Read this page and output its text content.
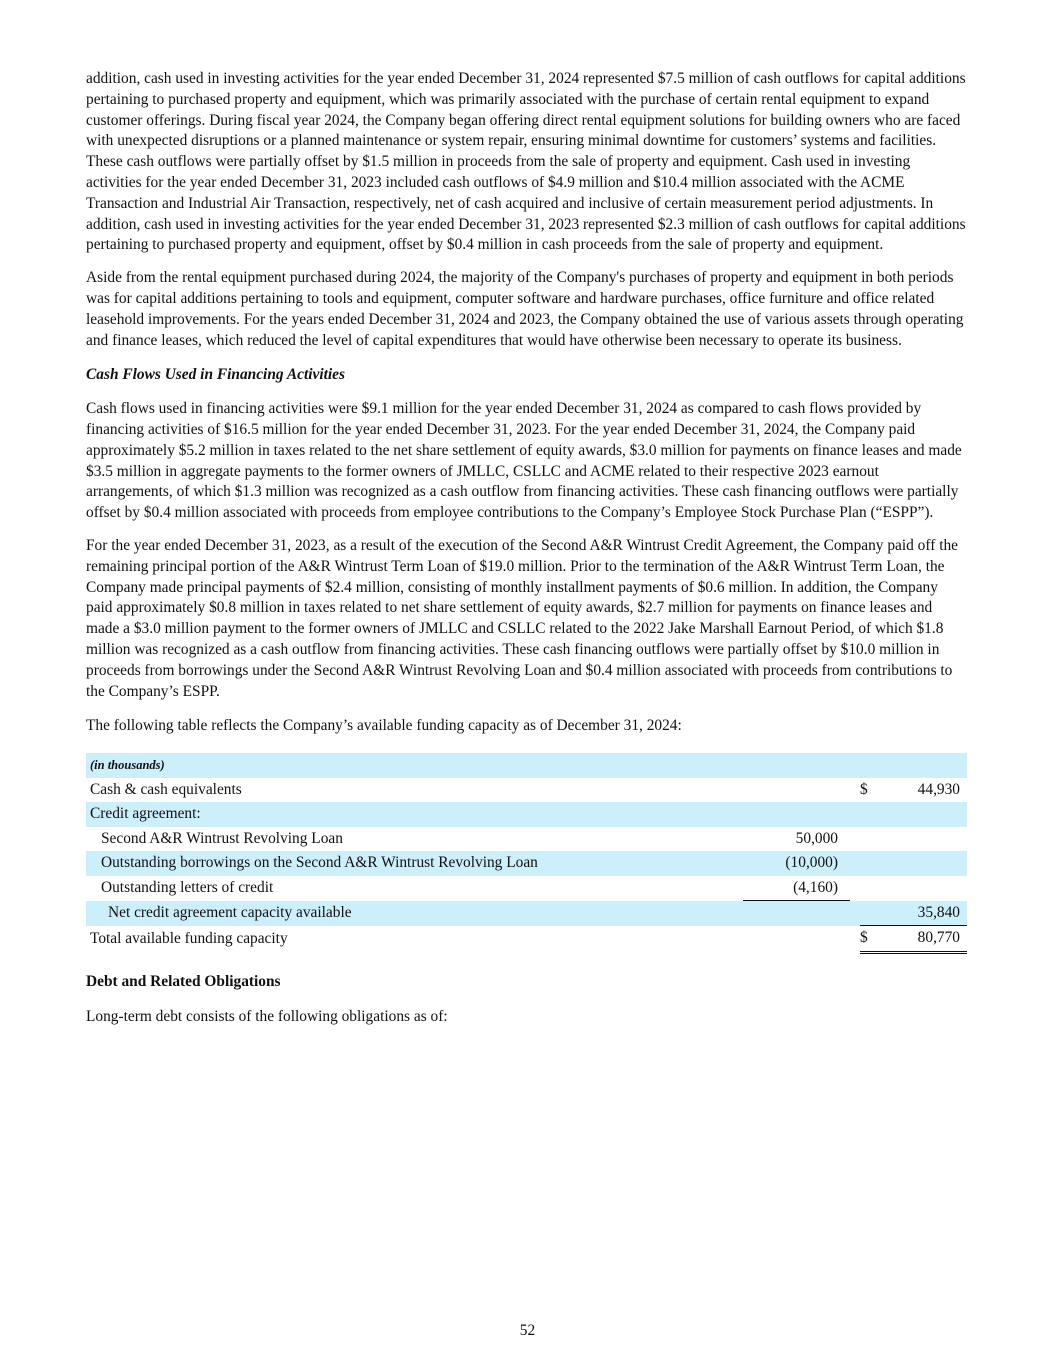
addition, cash used in investing activities for the year ended December 31, 2024 represented $7.5 million of cash outflows for capital additions pertaining to purchased property and equipment, which was primarily associated with the purchase of certain rental equipment to expand customer offerings. During fiscal year 2024, the Company began offering direct rental equipment solutions for building owners who are faced with unexpected disruptions or a planned maintenance or system repair, ensuring minimal downtime for customers’ systems and facilities. These cash outflows were partially offset by $1.5 million in proceeds from the sale of property and equipment. Cash used in investing activities for the year ended December 31, 2023 included cash outflows of $4.9 million and $10.4 million associated with the ACME Transaction and Industrial Air Transaction, respectively, net of cash acquired and inclusive of certain measurement period adjustments. In addition, cash used in investing activities for the year ended December 31, 2023 represented $2.3 million of cash outflows for capital additions pertaining to purchased property and equipment, offset by $0.4 million in cash proceeds from the sale of property and equipment.

Aside from the rental equipment purchased during 2024, the majority of the Company's purchases of property and equipment in both periods was for capital additions pertaining to tools and equipment, computer software and hardware purchases, office furniture and office related leasehold improvements. For the years ended December 31, 2024 and 2023, the Company obtained the use of various assets through operating and finance leases, which reduced the level of capital expenditures that would have otherwise been necessary to operate its business.

Cash Flows Used in Financing Activities

Cash flows used in financing activities were $9.1 million for the year ended December 31, 2024 as compared to cash flows provided by financing activities of $16.5 million for the year ended December 31, 2023. For the year ended December 31, 2024, the Company paid approximately $5.2 million in taxes related to the net share settlement of equity awards, $3.0 million for payments on finance leases and made $3.5 million in aggregate payments to the former owners of JMLLC, CSLLC and ACME related to their respective 2023 earnout arrangements, of which $1.3 million was recognized as a cash outflow from financing activities. These cash financing outflows were partially offset by $0.4 million associated with proceeds from employee contributions to the Company’s Employee Stock Purchase Plan (“ESPP”).

For the year ended December 31, 2023, as a result of the execution of the Second A&R Wintrust Credit Agreement, the Company paid off the remaining principal portion of the A&R Wintrust Term Loan of $19.0 million. Prior to the termination of the A&R Wintrust Term Loan, the Company made principal payments of $2.4 million, consisting of monthly installment payments of $0.6 million. In addition, the Company paid approximately $0.8 million in taxes related to net share settlement of equity awards, $2.7 million for payments on finance leases and made a $3.0 million payment to the former owners of JMLLC and CSLLC related to the 2022 Jake Marshall Earnout Period, of which $1.8 million was recognized as a cash outflow from financing activities. These cash financing outflows were partially offset by $10.0 million in proceeds from borrowings under the Second A&R Wintrust Revolving Loan and $0.4 million associated with proceeds from contributions to the Company’s ESPP.

The following table reflects the Company’s available funding capacity as of December 31, 2024:

(in thousands)				
Cash & cash equivalents			$	44,930
Credit agreement:				
Second A&R Wintrust Revolving Loan	50,000			
Outstanding borrowings on the Second A&R Wintrust Revolving Loan	(10,000)			
Outstanding letters of credit	(4,160)			
Net credit agreement capacity available				35,840
Total available funding capacity			$	80,770
Debt and Related Obligations

Long-term debt consists of the following obligations as of:

52
